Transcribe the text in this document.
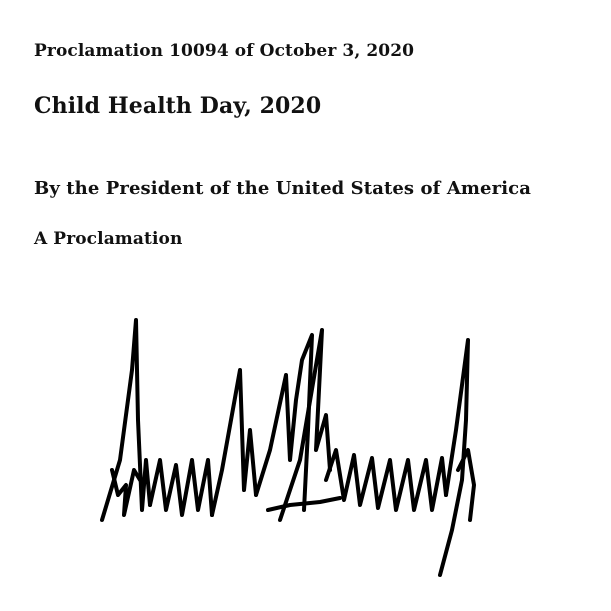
Proclamation 10094 of October 3, 2020
Child Health Day, 2020
By the President of the United States of America
A Proclamation
